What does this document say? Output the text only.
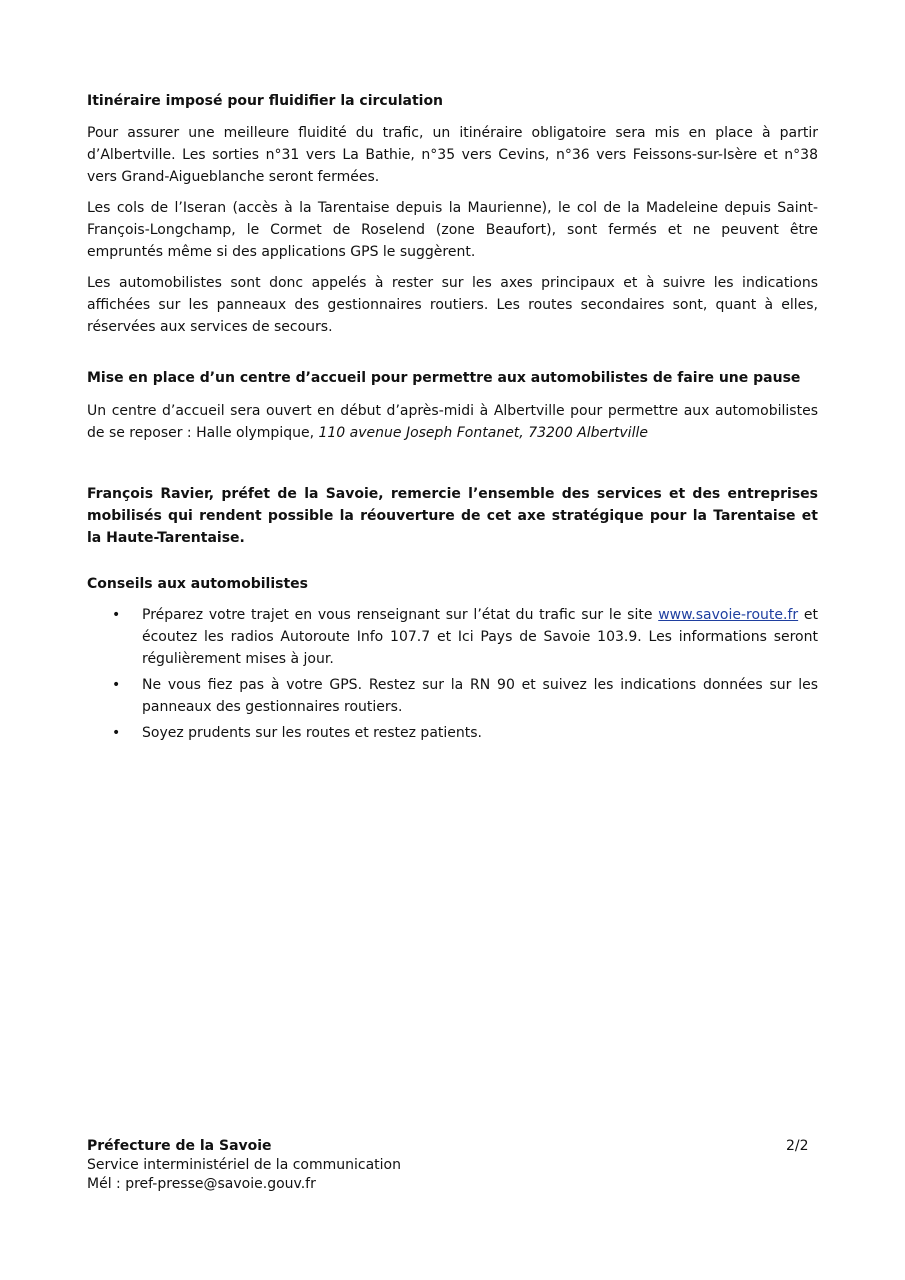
Itinéraire imposé pour fluidifier la circulation

Pour assurer une meilleure fluidité du trafic, un itinéraire obligatoire sera mis en place à partir d’Albertville. Les sorties n°31 vers La Bathie, n°35 vers Cevins, n°36 vers Feissons-sur-Isère et n°38 vers Grand-Aigueblanche seront fermées.

Les cols de l’Iseran (accès à la Tarentaise depuis la Maurienne), le col de la Madeleine depuis Saint-François-Longchamp, le Cormet de Roselend (zone Beaufort), sont fermés et ne peuvent être empruntés même si des applications GPS le suggèrent.

Les automobilistes sont donc appelés à rester sur les axes principaux et à suivre les indications affichées sur les panneaux des gestionnaires routiers. Les routes secondaires sont, quant à elles, réservées aux services de secours.

Mise en place d’un centre d’accueil pour permettre aux automobilistes de faire une pause

Un centre d’accueil sera ouvert en début d’après-midi à Albertville pour permettre aux automobilistes de se reposer : Halle olympique, 110 avenue Joseph Fontanet, 73200 Albertville

François Ravier, préfet de la Savoie, remercie l’ensemble des services et des entreprises mobilisés qui rendent possible la réouverture de cet axe stratégique pour la Tarentaise et la Haute-Tarentaise.

Conseils aux automobilistes
• Préparez votre trajet en vous renseignant sur l’état du trafic sur le site www.savoie-route.fr et écoutez les radios Autoroute Info 107.7 et Ici Pays de Savoie 103.9. Les informations seront régulièrement mises à jour.
• Ne vous fiez pas à votre GPS. Restez sur la RN 90 et suivez les indications données sur les panneaux des gestionnaires routiers.
• Soyez prudents sur les routes et restez patients.
Préfecture de la Savoie
Service interministériel de la communication
Mél : pref-presse@savoie.gouv.fr
2/2
